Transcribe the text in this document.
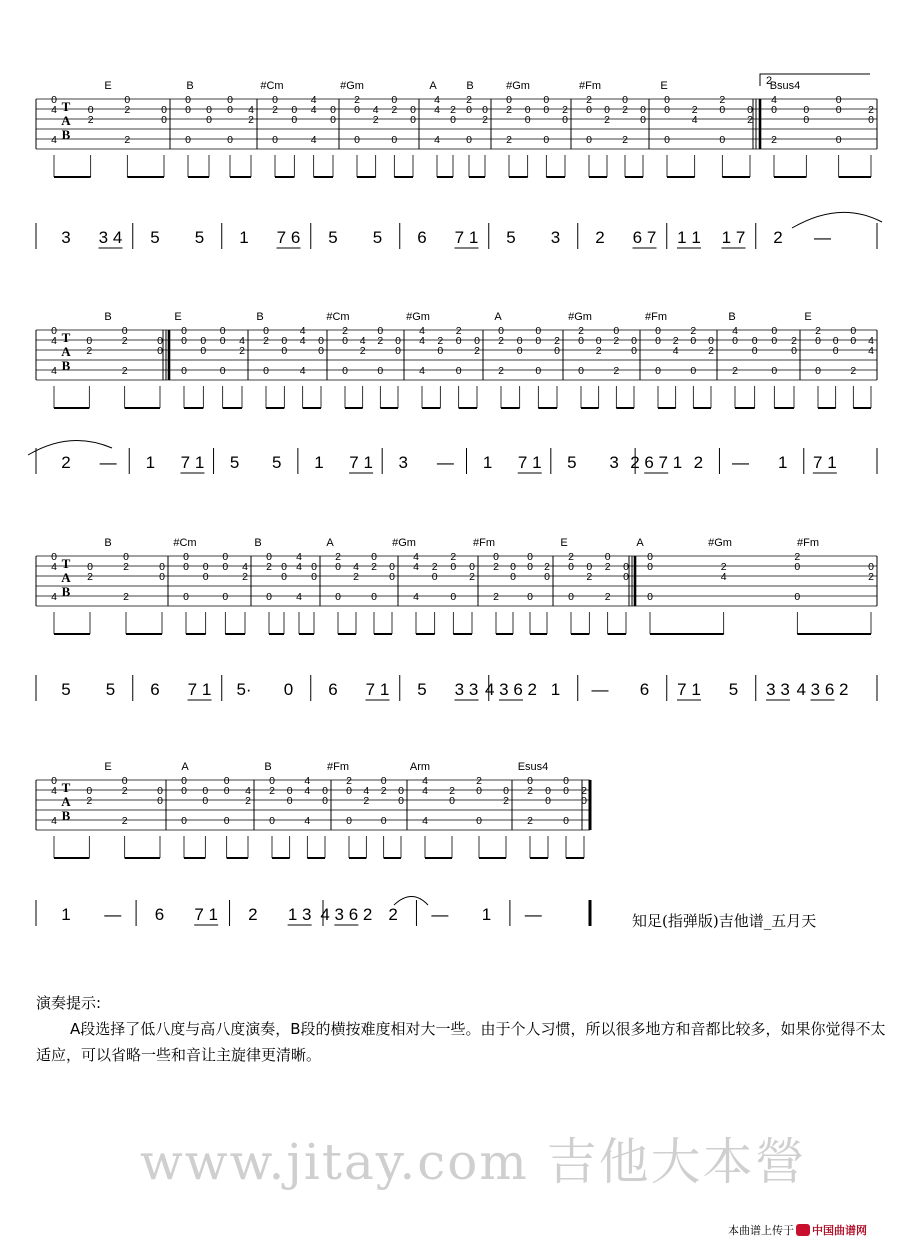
T
A
B
E	B	#Cm	#Gm	A	B	#Gm	#Fm	E	Bsus4
0
4
4
0
2
0
2
2
0
0
0
0
0
0
0
0
0
0
4
2
0
2
0
0
0
4
4
4
0
0
2
0
0
4
2
0
2
0
0
0
4
4
4
2
0
2
0
0
0
2
0
2
2
0
0
0
0
0
2
0
2
0
0
0
2
0
2
2
0
0
0
0
0
2
4
2
0
0
0
2
4
0
2
0
0
0
0
0
2
0
3 3 4 5 5 1 7 6 5 5 6 7 1 5 3 2 6 7 1 1 1 7 2 —
2
T
A
B
B	E	B	#Cm	#Gm	A	#Gm	#Fm	B	E
0
4
4
0
2
0
2
2
0
0
0
0
0
0
0
0
0
0
4
2
0
2
0
0
0
4
4
4
0
0
2
0
0
4
2
0
2
0
0
0
4
4
4
2
0
2
0
0
0
2
0
2
2
0
0
0
0
0
2
0
2
0
0
0
2
0
2
2
0
0
0
0
0
2
4
2
0
0
0
2
4
0
2
0
0
0
0
0
2
0
2
0
0
0
0
0
0
2
4
4
2 — 1 7 1 5 5 1 7 1 3 — 1 7 1 5 3 2 6 7 1 2 — 1 7 1
T
A
B
B	#Cm	B	A	#Gm	#Fm	E	A	#Gm	#Fm
0
4
4
0
2
0
2
2
0
0
0
0
0
0
0
0
0
0
4
2
0
2
0
0
0
4
4
4
0
0
2
0
0
4
2
0
2
0
0
0
4
4
4
2
0
2
0
0
0
2
0
2
2
0
0
0
0
0
2
0
2
0
0
0
2
0
2
2
0
0
0
0
0
2
4
2
0
0
0
2
5 5 6 7 1 5· 0 6 7 1 5 3 3 4 3 6 2 1 — 6 7 1 5 3 3 4 3 6 2
T
A
B
E	A	B	#Fm	Arm	Esus4
0
4
4
0
2
0
2
2
0
0
0
0
0
0
0
0
0
0
4
2
0
2
0
0
0
4
4
4
0
0
2
0
0
4
2
0
2
0
0
0
4
4
4
2
0
2
0
0
0
2
0
2
2
0
0
0
0
0
2
0
1 — 6 7 1 2 1 3 4 3 6 2 2 — 1 —
演奏提示:
A段选择了低八度与高八度演奏，B段的横按难度相对大一些。由于个人习惯，所以很多地方和音都比较多，如果你觉得不太适应，可以省略一些和音让主旋律更清晰。
知足(指弹版)吉他谱_五月天
www.jitay.com 吉他大本營
本曲谱上传于 中国曲谱网
